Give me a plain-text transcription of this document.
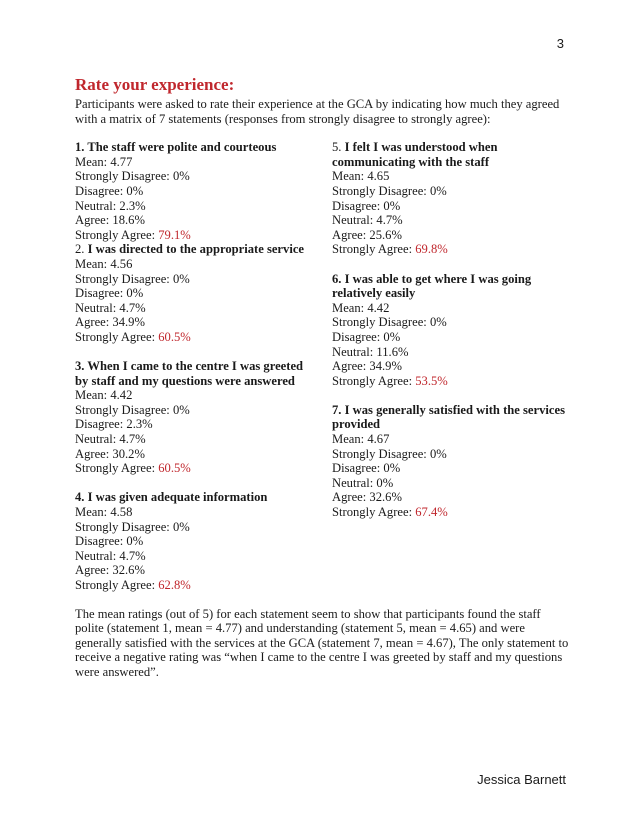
3
Rate your experience:
Participants were asked to rate their experience at the GCA by indicating how much they agreed with a matrix of 7 statements (responses from strongly disagree to strongly agree):
1. The staff were polite and courteous
Mean: 4.77
Strongly Disagree: 0%
Disagree: 0%
Neutral: 2.3%
Agree: 18.6%
Strongly Agree: 79.1%
2. I was directed to the appropriate service
Mean: 4.56
Strongly Disagree: 0%
Disagree: 0%
Neutral: 4.7%
Agree: 34.9%
Strongly Agree: 60.5%
3. When I came to the centre I was greeted by staff and my questions were answered
Mean: 4.42
Strongly Disagree: 0%
Disagree: 2.3%
Neutral: 4.7%
Agree: 30.2%
Strongly Agree: 60.5%
4. I was given adequate information
Mean: 4.58
Strongly Disagree: 0%
Disagree: 0%
Neutral: 4.7%
Agree: 32.6%
Strongly Agree: 62.8%
5. I felt I was understood when communicating with the staff
Mean: 4.65
Strongly Disagree: 0%
Disagree: 0%
Neutral: 4.7%
Agree: 25.6%
Strongly Agree: 69.8%
6. I was able to get where I was going relatively easily
Mean: 4.42
Strongly Disagree: 0%
Disagree: 0%
Neutral: 11.6%
Agree: 34.9%
Strongly Agree: 53.5%
7. I was generally satisfied with the services provided
Mean: 4.67
Strongly Disagree: 0%
Disagree: 0%
Neutral: 0%
Agree: 32.6%
Strongly Agree: 67.4%
The mean ratings (out of 5) for each statement seem to show that participants found the staff polite (statement 1, mean = 4.77) and understanding (statement 5, mean = 4.65) and were generally satisfied with the services at the GCA (statement 7, mean = 4.67), The only statement to receive a negative rating was “when I came to the centre I was greeted by staff and my questions were answered”.
Jessica Barnett
